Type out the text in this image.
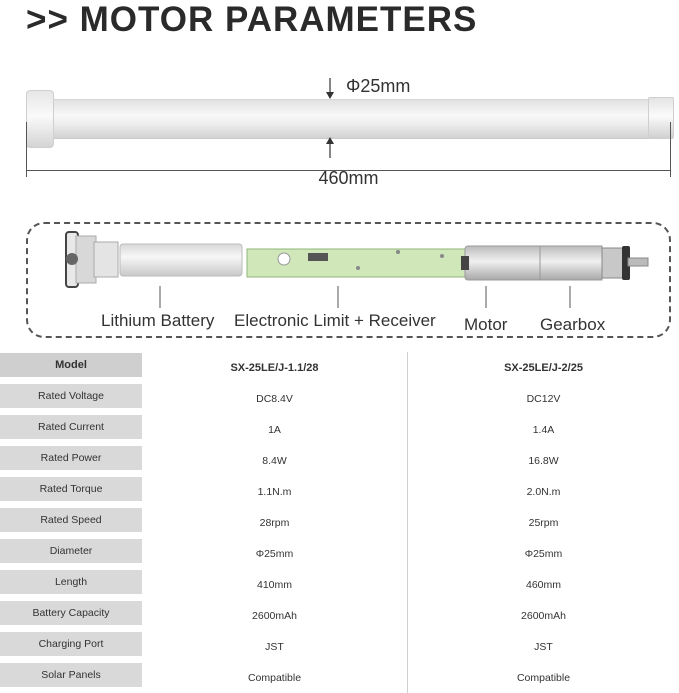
>> MOTOR PARAMETERS
Φ25mm
460mm
Lithium Battery Electronic Limit + Receiver Motor Gearbox
Model	SX-25LE/J-1.1/28	SX-25LE/J-2/25
Rated Voltage	DC8.4V	DC12V
Rated Current	1A	1.4A
Rated Power	8.4W	16.8W
Rated Torque	1.1N.m	2.0N.m
Rated Speed	28rpm	25rpm
Diameter	Φ25mm	Φ25mm
Length	410mm	460mm
Battery Capacity	2600mAh	2600mAh
Charging Port	JST	JST
Solar Panels	Compatible	Compatible
